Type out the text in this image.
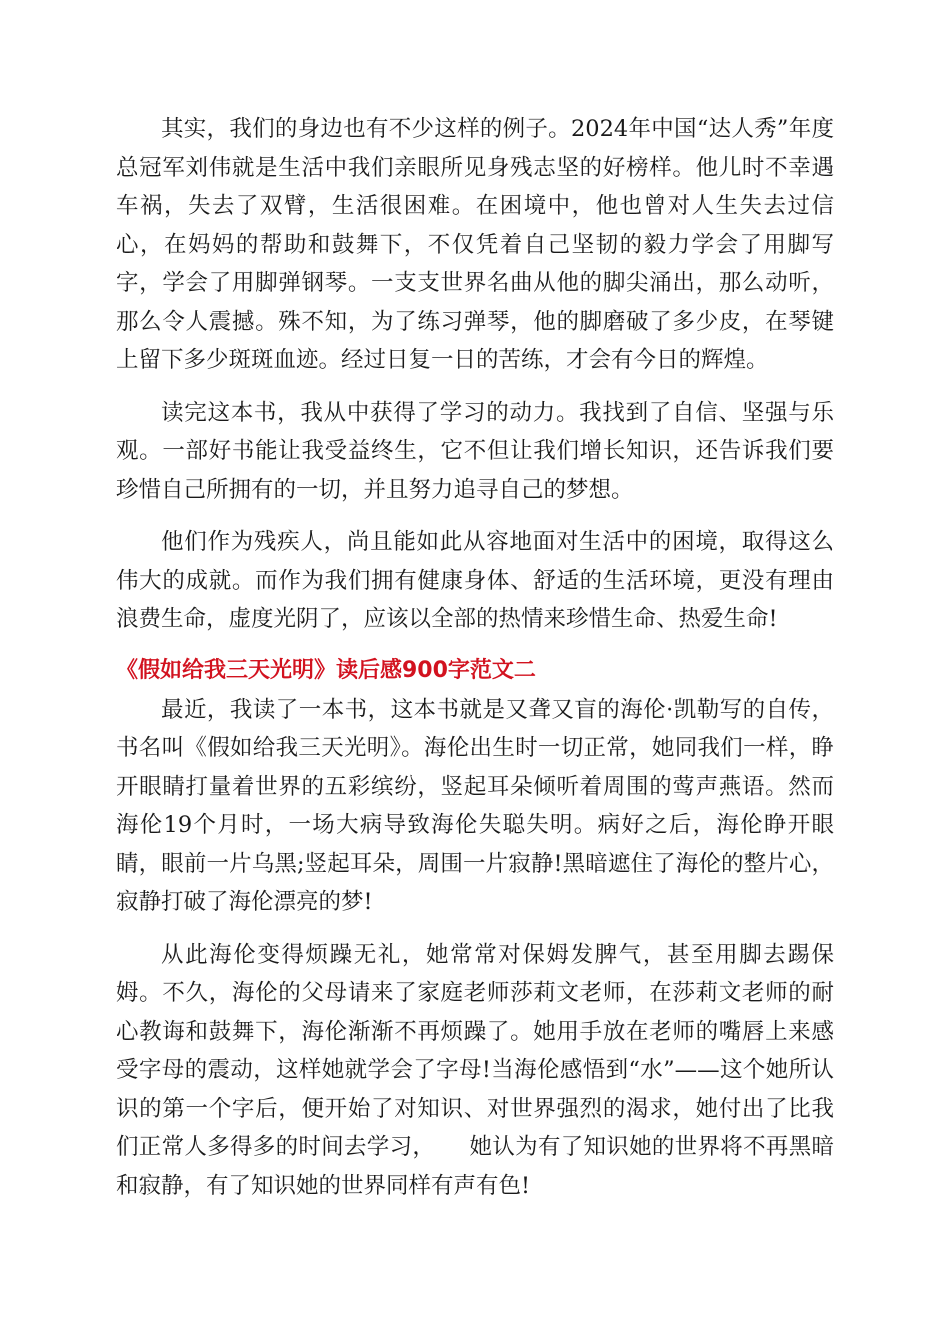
其实，我们的身边也有不少这样的例子。2024年中国“达人秀”年度总冠军刘伟就是生活中我们亲眼所见身残志坚的好榜样。他儿时不幸遇车祸，失去了双臂，生活很困难。在困境中，他也曾对人生失去过信心，在妈妈的帮助和鼓舞下，不仅凭着自己坚韧的毅力学会了用脚写字，学会了用脚弹钢琴。一支支世界名曲从他的脚尖涌出，那么动听，那么令人震撼。殊不知，为了练习弹琴，他的脚磨破了多少皮，在琴键上留下多少斑斑血迹。经过日复一日的苦练，才会有今日的辉煌。

读完这本书，我从中获得了学习的动力。我找到了自信、坚强与乐观。一部好书能让我受益终生，它不但让我们增长知识，还告诉我们要珍惜自己所拥有的一切，并且努力追寻自己的梦想。

他们作为残疾人，尚且能如此从容地面对生活中的困境，取得这么伟大的成就。而作为我们拥有健康身体、舒适的生活环境，更没有理由浪费生命，虚度光阴了，应该以全部的热情来珍惜生命、热爱生命!

《假如给我三天光明》读后感900字范文二

最近，我读了一本书，这本书就是又聋又盲的海伦·凯勒写的自传，书名叫《假如给我三天光明》。海伦出生时一切正常，她同我们一样，睁开眼睛打量着世界的五彩缤纷，竖起耳朵倾听着周围的莺声燕语。然而海伦19个月时，一场大病导致海伦失聪失明。病好之后，海伦睁开眼睛，眼前一片乌黑;竖起耳朵，周围一片寂静!黑暗遮住了海伦的整片心，寂静打破了海伦漂亮的梦!

从此海伦变得烦躁无礼，她常常对保姆发脾气，甚至用脚去踢保姆。不久，海伦的父母请来了家庭老师莎莉文老师，在莎莉文老师的耐心教诲和鼓舞下，海伦渐渐不再烦躁了。她用手放在老师的嘴唇上来感受字母的震动，这样她就学会了字母!当海伦感悟到“水”——这个她所认识的第一个字后，便开始了对知识、对世界强烈的渴求，她付出了比我们正常人多得多的时间去学习，　　她认为有了知识她的世界将不再黑暗和寂静，有了知识她的世界同样有声有色!
